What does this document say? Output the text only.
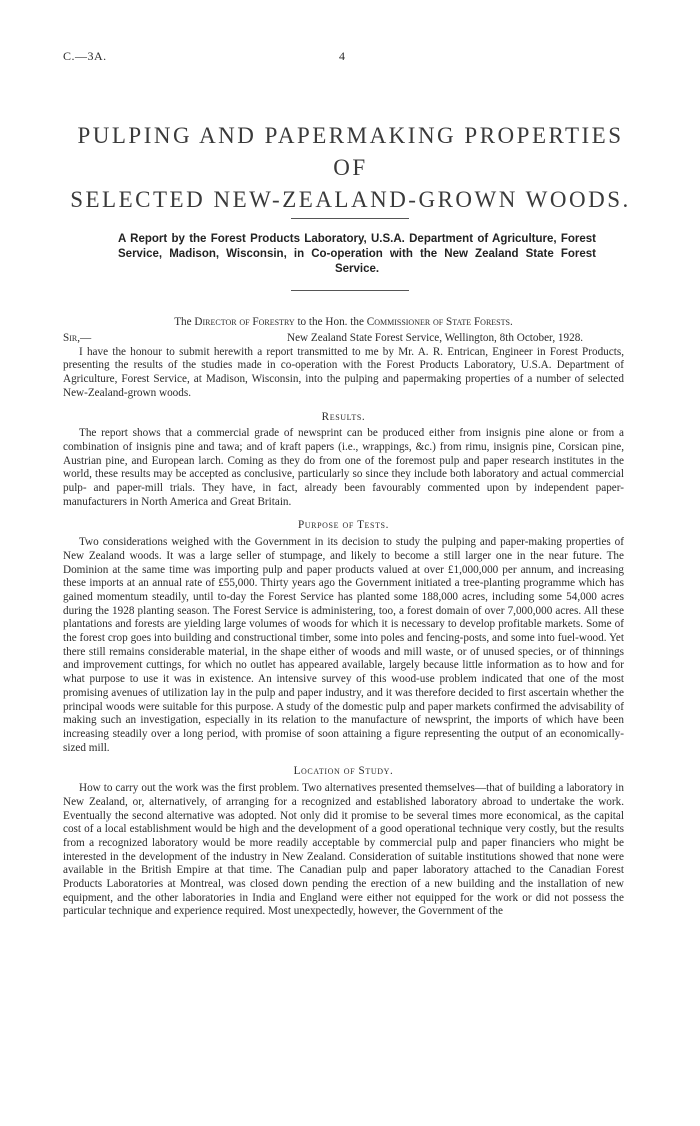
C.—3A.	4
PULPING AND PAPERMAKING PROPERTIES OF
SELECTED NEW-ZEALAND-GROWN WOODS.
A Report by the Forest Products Laboratory, U.S.A. Department of Agriculture, Forest Service, Madison, Wisconsin, in Co-operation with the New Zealand State Forest Service.

The Director of Forestry to the Hon. the Commissioner of State Forests.

Sir,—	New Zealand State Forest Service, Wellington, 8th October, 1928.

I have the honour to submit herewith a report transmitted to me by Mr. A. R. Entrican, Engineer in Forest Products, presenting the results of the studies made in co-operation with the Forest Products Laboratory, U.S.A. Department of Agriculture, Forest Service, at Madison, Wisconsin, into the pulping and papermaking properties of a number of selected New-Zealand-grown woods.

Results.

The report shows that a commercial grade of newsprint can be produced either from insignis pine alone or from a combination of insignis pine and tawa; and of kraft papers (i.e., wrappings, &c.) from rimu, insignis pine, Corsican pine, Austrian pine, and European larch. Coming as they do from one of the foremost pulp and paper research institutes in the world, these results may be accepted as conclusive, particularly so since they include both laboratory and actual commercial pulp- and paper-mill trials. They have, in fact, already been favourably commented upon by independent paper-manufacturers in North America and Great Britain.

Purpose of Tests.

Two considerations weighed with the Government in its decision to study the pulping and paper-making properties of New Zealand woods. It was a large seller of stumpage, and likely to become a still larger one in the near future. The Dominion at the same time was importing pulp and paper products valued at over £1,000,000 per annum, and increasing these imports at an annual rate of £55,000. Thirty years ago the Government initiated a tree-planting programme which has gained momentum steadily, until to-day the Forest Service has planted some 188,000 acres, including some 54,000 acres during the 1928 planting season. The Forest Service is administering, too, a forest domain of over 7,000,000 acres. All these plantations and forests are yielding large volumes of woods for which it is necessary to develop profitable markets. Some of the forest crop goes into building and constructional timber, some into poles and fencing-posts, and some into fuel-wood. Yet there still remains considerable material, in the shape either of woods and mill waste, or of unused species, or of thinnings and improvement cuttings, for which no outlet has appeared available, largely because little information as to how and for what purpose to use it was in existence. An intensive survey of this wood-use problem indicated that one of the most promising avenues of utilization lay in the pulp and paper industry, and it was therefore decided to first ascertain whether the principal woods were suitable for this purpose. A study of the domestic pulp and paper markets confirmed the advisability of making such an investigation, especially in its relation to the manufacture of newsprint, the imports of which have been increasing steadily over a long period, with promise of soon attaining a figure representing the output of an economically-sized mill.

Location of Study.

How to carry out the work was the first problem. Two alternatives presented themselves—that of building a laboratory in New Zealand, or, alternatively, of arranging for a recognized and established laboratory abroad to undertake the work. Eventually the second alternative was adopted. Not only did it promise to be several times more economical, as the capital cost of a local establishment would be high and the development of a good operational technique very costly, but the results from a recognized laboratory would be more readily acceptable by commercial pulp and paper financiers who might be interested in the development of the industry in New Zealand. Consideration of suitable institutions showed that none were available in the British Empire at that time. The Canadian pulp and paper laboratory attached to the Canadian Forest Products Laboratories at Montreal, was closed down pending the erection of a new building and the installation of new equipment, and the other laboratories in India and England were either not equipped for the work or did not possess the particular technique and experience required. Most unexpectedly, however, the Government of the
